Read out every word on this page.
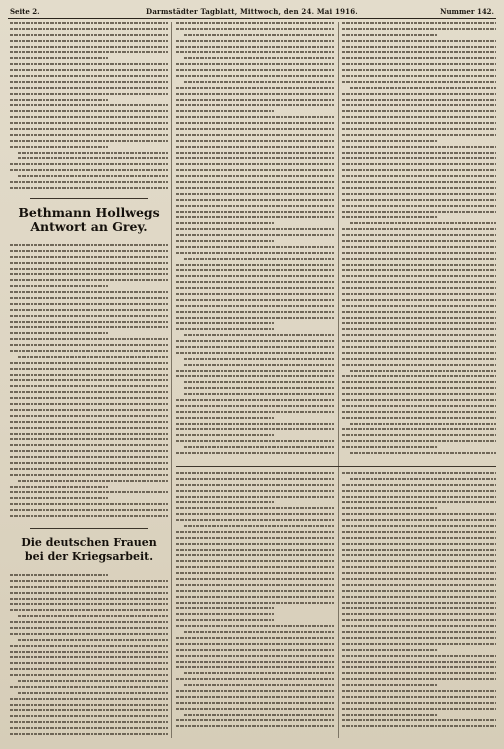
Seite 2.	Darmstädter Tagblatt, Mittwoch, den 24. Mai 1916.	Nummer 142.
Bethmann Hollwegs Antwort an Grey.
Die deutschen Frauen bei der Kriegsarbeit.
